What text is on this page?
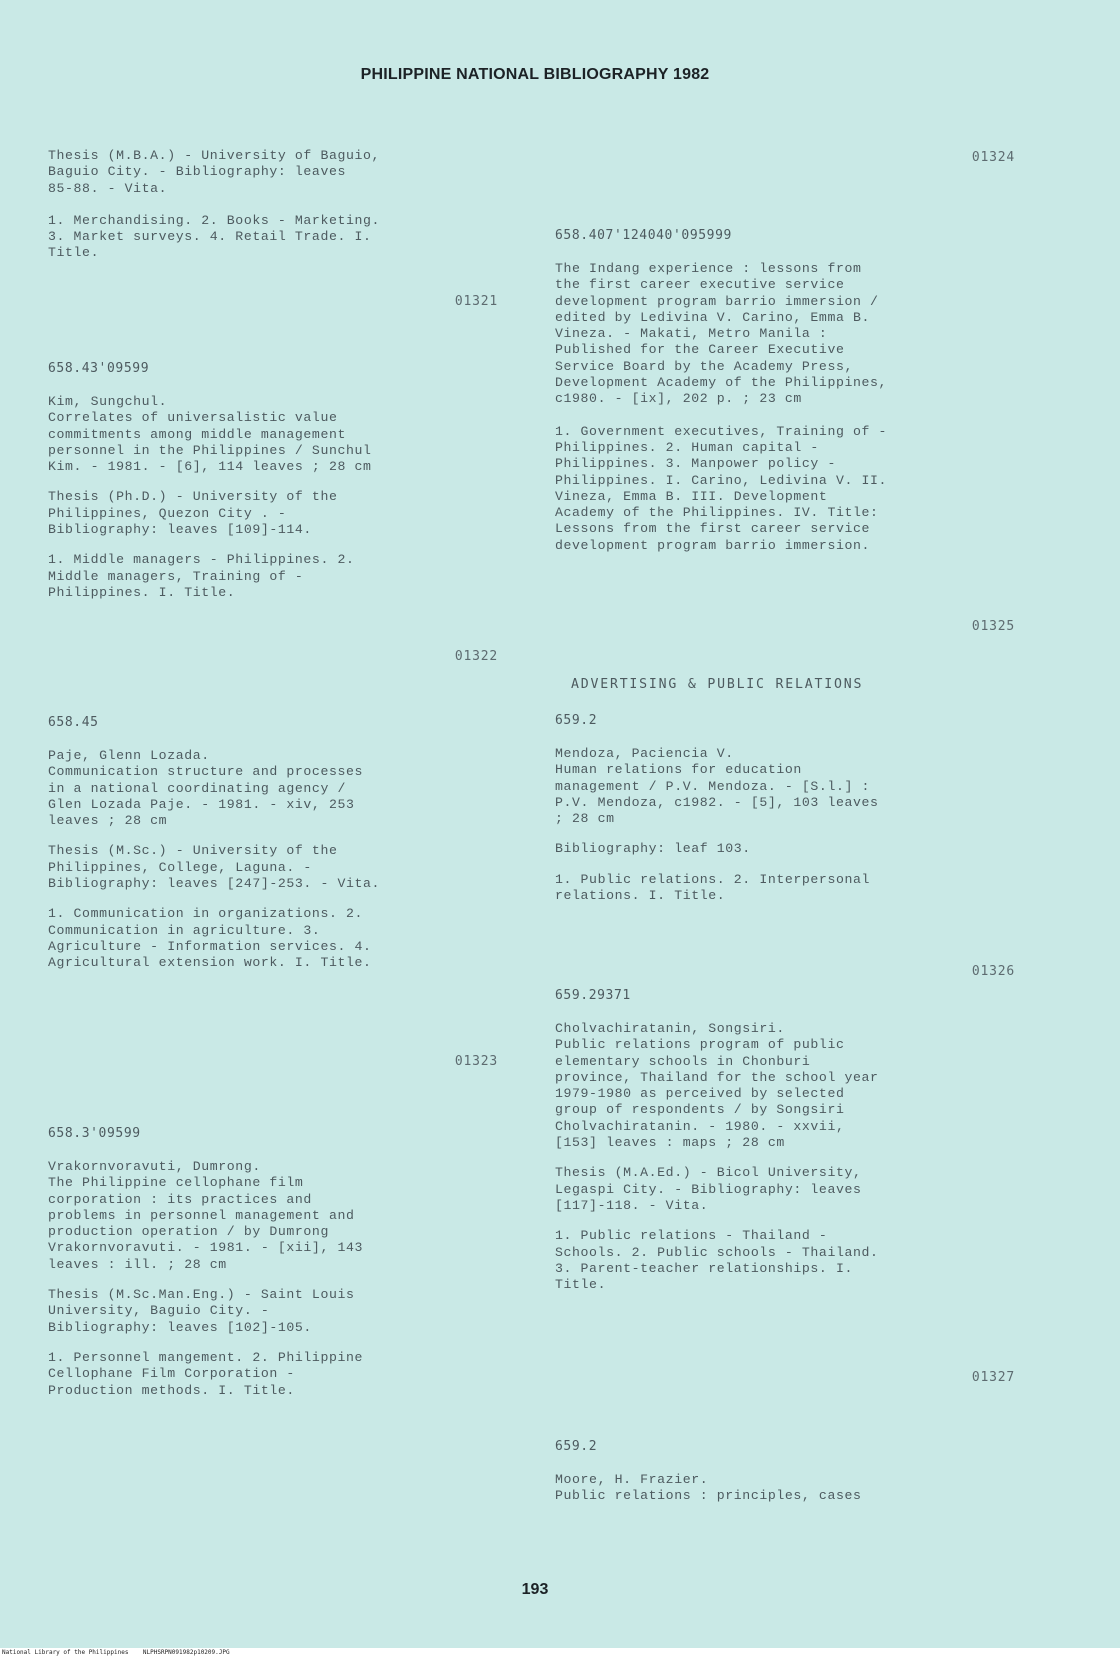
PHILIPPINE NATIONAL BIBLIOGRAPHY 1982
Thesis (M.B.A.) - University of Baguio,
Baguio City. - Bibliography: leaves
85-88. - Vita.
1. Merchandising. 2. Books - Marketing.
3. Market surveys. 4. Retail Trade. I.
Title.
01321
658.43'09599
Kim, Sungchul.
Correlates of universalistic value
commitments among middle management
personnel in the Philippines / Sunchul
Kim. - 1981. - [6], 114 leaves ; 28 cm
Thesis (Ph.D.) - University of the
Philippines, Quezon City . -
Bibliography: leaves [109]-114.
1. Middle managers - Philippines. 2.
Middle managers, Training of -
Philippines. I. Title.
01322
658.45
Paje, Glenn Lozada.
Communication structure and processes
in a national coordinating agency /
Glen Lozada Paje. - 1981. - xiv, 253
leaves ; 28 cm
Thesis (M.Sc.) - University of the
Philippines, College, Laguna. -
Bibliography: leaves [247]-253. - Vita.
1. Communication in organizations. 2.
Communication in agriculture. 3.
Agriculture - Information services. 4.
Agricultural extension work. I. Title.
01323
658.3'09599
Vrakornvoravuti, Dumrong.
The Philippine cellophane film
corporation : its practices and
problems in personnel management and
production operation / by Dumrong
Vrakornvoravuti. - 1981. - [xii], 143
leaves : ill. ; 28 cm
Thesis (M.Sc.Man.Eng.) - Saint Louis
University, Baguio City. -
Bibliography: leaves [102]-105.
1. Personnel mangement. 2. Philippine
Cellophane Film Corporation -
Production methods. I. Title.
01324
658.407'124040'095999
The Indang experience : lessons from
the first career executive service
development program barrio immersion /
edited by Ledivina V. Carino, Emma B.
Vineza. - Makati, Metro Manila :
Published for the Career Executive
Service Board by the Academy Press,
Development Academy of the Philippines,
c1980. - [ix], 202 p. ; 23 cm
1. Government executives, Training of -
Philippines. 2. Human capital -
Philippines. 3. Manpower policy -
Philippines. I. Carino, Ledivina V. II.
Vineza, Emma B. III. Development
Academy of the Philippines. IV. Title:
Lessons from the first career service
development program barrio immersion.
01325
ADVERTISING & PUBLIC RELATIONS
659.2
Mendoza, Paciencia V.
Human relations for education
management / P.V. Mendoza. - [S.l.] :
P.V. Mendoza, c1982. - [5], 103 leaves
; 28 cm
Bibliography: leaf 103.
1. Public relations. 2. Interpersonal
relations. I. Title.
01326
659.29371
Cholvachiratanin, Songsiri.
Public relations program of public
elementary schools in Chonburi
province, Thailand for the school year
1979-1980 as perceived by selected
group of respondents / by Songsiri
Cholvachiratanin. - 1980. - xxvii,
[153] leaves : maps ; 28 cm
Thesis (M.A.Ed.) - Bicol University,
Legaspi City. - Bibliography: leaves
[117]-118. - Vita.
1. Public relations - Thailand -
Schools. 2. Public schools - Thailand.
3. Parent-teacher relationships. I.
Title.
01327
659.2
Moore, H. Frazier.
Public relations : principles, cases
193
National Library of the Philippines NLPHSRPN091982p10209.JPG
